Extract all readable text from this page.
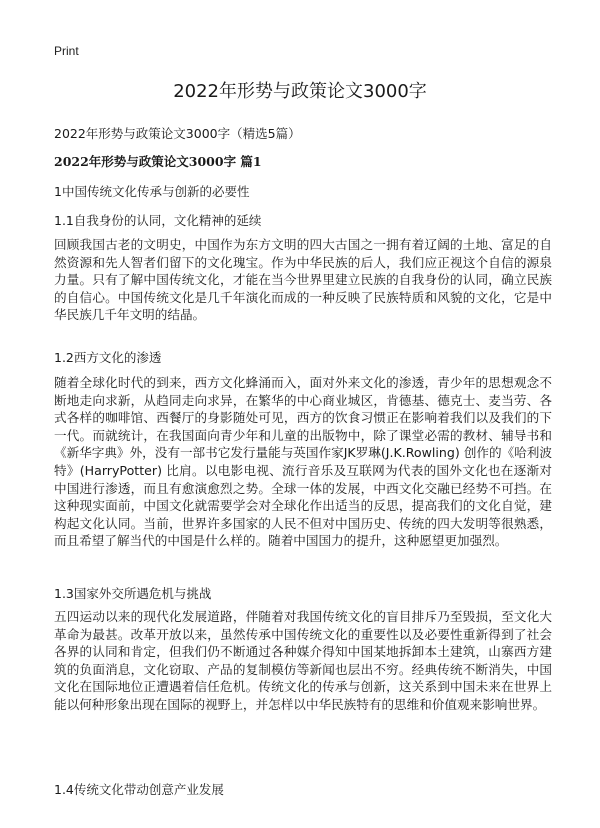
Print
2022年形势与政策论文3000字
2022年形势与政策论文3000字（精选5篇）
2022年形势与政策论文3000字 篇1
1中国传统文化传承与创新的必要性
1.1自我身份的认同，文化精神的延续

回顾我国古老的文明史，中国作为东方文明的四大古国之一拥有着辽阔的土地、富足的自然资源和先人智者们留下的文化瑰宝。作为中华民族的后人，我们应正视这个自信的源泉力量。只有了解中国传统文化，才能在当今世界里建立民族的自我身份的认同，确立民族的自信心。中国传统文化是几千年演化而成的一种反映了民族特质和风貌的文化，它是中华民族几千年文明的结晶。

1.2西方文化的渗透

随着全球化时代的到来，西方文化蜂涌而入，面对外来文化的渗透，青少年的思想观念不断地走向求新，从趋同走向求异，在繁华的中心商业城区，肯德基、德克士、麦当劳、各式各样的咖啡馆、西餐厅的身影随处可见，西方的饮食习惯正在影响着我们以及我们的下一代。而就统计，在我国面向青少年和儿童的出版物中，除了课堂必需的教材、辅导书和《新华字典》外，没有一部书它发行量能与英国作家JK罗琳(J.K.Rowling) 创作的《哈利波特》(HarryPotter) 比肩。以电影电视、流行音乐及互联网为代表的国外文化也在逐渐对中国进行渗透，而且有愈演愈烈之势。全球一体的发展，中西文化交融已经势不可挡。在这种现实面前，中国文化就需要学会对全球化作出适当的反思，提高我们的文化自觉，建构起文化认同。当前，世界许多国家的人民不但对中国历史、传统的四大发明等很熟悉，而且希望了解当代的中国是什么样的。随着中国国力的提升，这种愿望更加强烈。

1.3国家外交所遇危机与挑战

五四运动以来的现代化发展道路，伴随着对我国传统文化的盲目排斥乃至毁损，至文化大革命为最甚。改革开放以来，虽然传承中国传统文化的重要性以及必要性重新得到了社会各界的认同和肯定，但我们仍不断通过各种媒介得知中国某地拆卸本土建筑，山寨西方建筑的负面消息，文化窃取、产品的复制模仿等新闻也层出不穷。经典传统不断消失，中国文化在国际地位正遭遇着信任危机。传统文化的传承与创新，这关系到中国未来在世界上能以何种形象出现在国际的视野上，并怎样以中华民族特有的思维和价值观来影响世界。

1.4传统文化带动创意产业发展
